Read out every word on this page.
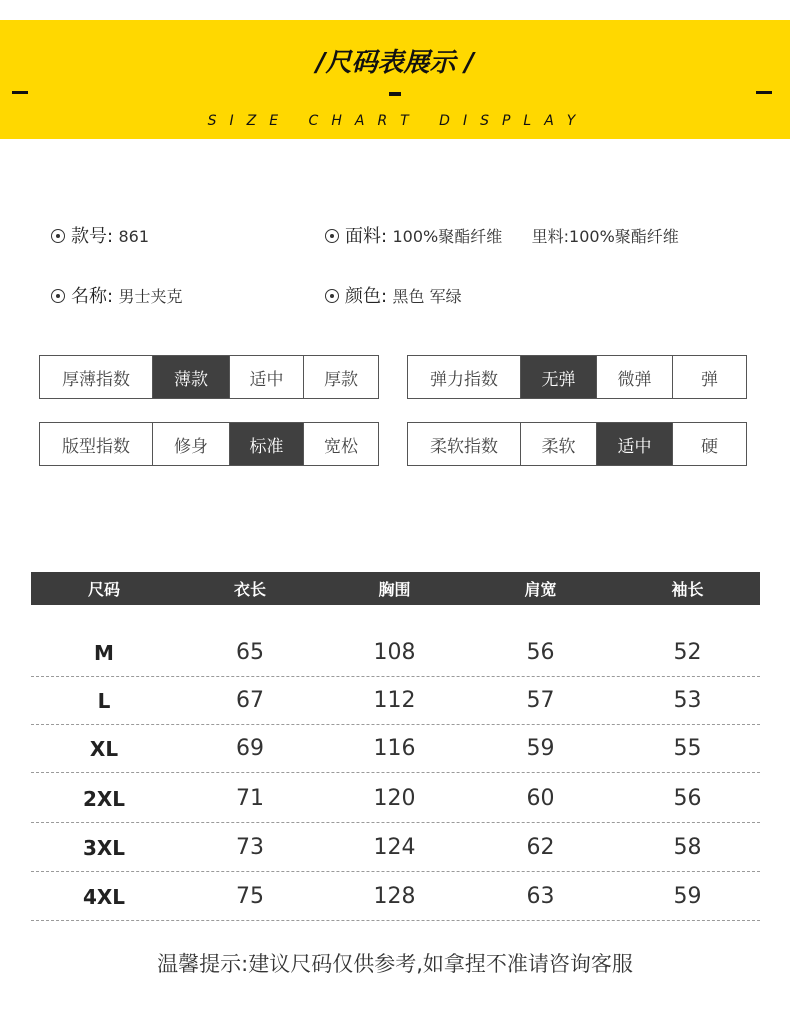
/尺码表展示 /
SIZE CHART DISPLAY
款号: 861	面料: 100%聚酯纤维 里料:100%聚酯纤维
名称: 男士夹克	颜色: 黑色 军绿
厚薄指数	薄款	适中	厚款	弹力指数	无弹	微弹	弹
版型指数	修身	标准	宽松	柔软指数	柔软	适中	硬
尺码	衣长	胸围	肩宽	袖长
M	65	108	56	52
L	67	112	57	53
XL	69	116	59	55
2XL	71	120	60	56
3XL	73	124	62	58
4XL	75	128	63	59
温馨提示:建议尺码仅供参考,如拿捏不准请咨询客服
